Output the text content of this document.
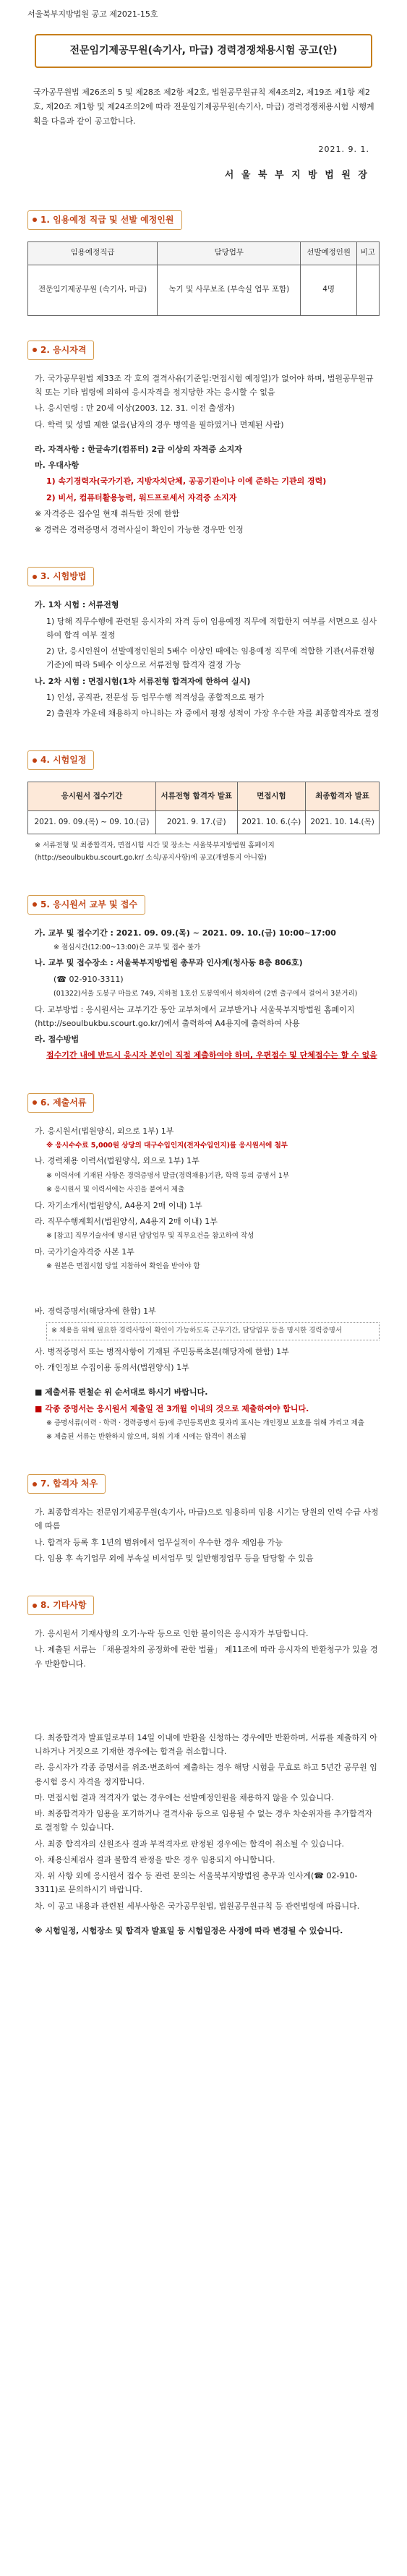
서울북부지방법원 공고 제2021-15호
전문임기제공무원(속기사, 마급) 경력경쟁채용시험 공고(안)
국가공무원법 제26조의 5 및 제28조 제2항 제2호, 법원공무원규칙 제4조의2, 제19조 제1항 제2호, 제20조 제1항 및 제24조의2에 따라 전문임기제공무원(속기사, 마급) 경력경쟁채용시험 시행계획을 다음과 같이 공고합니다.
2021. 9. 1.
서 울 북 부 지 방 법 원 장
1. 임용예정 직급 및 선발 예정인원
임용예정직급	담당업무	선발예정인원	비고
전문임기제공무원 (속기사, 마급)	녹기 및 사무보조 (부속실 업무 포함)	4명	
2. 응시자격

가. 국가공무원법 제33조 각 호의 결격사유(기준일:면접시험 예정일)가 없어야 하며, 법원공무원규칙 또는 기타 법령에 의하여 응시자격을 정지당한 자는 응시할 수 없음

나. 응시연령 : 만 20세 이상(2003. 12. 31. 이전 출생자)

다. 학력 및 성별 제한 없음(남자의 경우 병역을 필하였거나 면제된 사람)

라. 자격사항 : 한글속기(컴퓨터) 2급 이상의 자격증 소지자

마. 우대사항

1) 속기경력자(국가기관, 지방자치단체, 공공기관이나 이에 준하는 기관의 경력)

2) 비서, 컴퓨터활용능력, 워드프로세서 자격증 소지자

※ 자격증은 접수일 현재 취득한 것에 한함

※ 경력은 경력증명서 경력사실이 확인이 가능한 경우만 인정

3. 시험방법

가. 1차 시험 : 서류전형

1) 당해 직무수행에 관련된 응시자의 자격 등이 임용예정 직무에 적합한지 여부를 서면으로 심사하여 합격 여부 결정

2) 단, 응시인원이 선발예정인원의 5배수 이상인 때에는 임용예정 직무에 적합한 기관(서류전형 기준)에 따라 5배수 이상으로 서류전형 합격자 결정 가능

나. 2차 시험 : 면접시험(1차 서류전형 합격자에 한하여 실시)

1) 인성, 공직관, 전문성 등 업무수행 적격성을 종합적으로 평가

2) 출원자 가운데 채용하지 아니하는 자 중에서 평정 성적이 가장 우수한 자를 최종합격자로 결정

4. 시험일정
응시원서 접수기간	서류전형 합격자 발표	면접시험	최종합격자 발표
2021. 09. 09.(목) ~ 09. 10.(금)	2021. 9. 17.(금)	2021. 10. 6.(수)	2021. 10. 14.(목)

※ 서류전형 및 최종합격자, 면접시험 시간 및 장소는 서울북부지방법원 홈페이지(http://seoulbukbu.scourt.go.kr/ 소식/공지사항)에 공고(개별통지 아니함)

5. 응시원서 교부 및 접수

가. 교부 및 접수기간 : 2021. 09. 09.(목) ~ 2021. 09. 10.(금) 10:00~17:00

※ 점심시간(12:00~13:00)은 교부 및 접수 불가

나. 교부 및 접수장소 : 서울북부지방법원 총무과 인사계(청사동 8층 806호)

(☎ 02-910-3311)

(01322)서울 도봉구 마들로 749, 지하철 1호선 도봉역에서 하차하여 (2번 출구에서 걸어서 3분거리)

다. 교부방법 : 응시원서는 교부기간 동안 교부처에서 교부받거나 서울북부지방법원 홈페이지(http://seoulbukbu.scourt.go.kr/)에서 출력하여 A4용지에 출력하여 사용

라. 접수방법

접수기간 내에 반드시 응시자 본인이 직접 제출하여야 하며, 우편접수 및 단체접수는 할 수 없음

6. 제출서류

가. 응시원서(법원양식, 외으로 1부) 1부

※ 응시수수료 5,000원 상당의 대구수입인지(전자수입인지)를 응시원서에 첨부

나. 경력채용 이력서(법원양식, 외으로 1부) 1부

※ 이력서에 기재된 사항은 경력증명서 발급(경력채용)기관, 학력 등의 증명서 1부

※ 응시원서 및 이력서에는 사진을 붙여서 제출

다. 자기소개서(법원양식, A4용지 2매 이내) 1부

라. 직무수행계획서(법원양식, A4용지 2매 이내) 1부

※ [참고] 직무기술서에 명시된 담당업무 및 직무요건을 참고하여 작성

마. 국가기술자격증 사본 1부

※ 원본은 면접시험 당일 지참하여 확인을 받아야 함

바. 경력증명서(해당자에 한함) 1부

※ 채용을 위해 필요한 경력사항이 확인이 가능하도록 근무기간, 담당업무 등을 명시한 경력증명서

사. 병적증명서 또는 병적사항이 기재된 주민등록초본(해당자에 한함) 1부

아. 개인정보 수집이용 동의서(법원양식) 1부

■ 제출서류 편철순 위 순서대로 하시기 바랍니다.

■ 각종 증명서는 응시원서 제출일 전 3개월 이내의 것으로 제출하여야 합니다.

※ 증명서류(이력 · 학력 · 경력증명서 등)에 주민등록번호 뒷자리 표시는 개인정보 보호를 위해 가리고 제출

※ 제출된 서류는 반환하지 않으며, 허위 기재 시에는 합격이 취소됨

7. 합격자 처우

가. 최종합격자는 전문임기제공무원(속기사, 마급)으로 임용하며 임용 시기는 당원의 인력 수급 사정에 따름

나. 합격자 등록 후 1년의 범위에서 업무실적이 우수한 경우 재임용 가능

다. 임용 후 속기업무 외에 부속실 비서업무 및 일반행정업무 등을 담당할 수 있음

8. 기타사항

가. 응시원서 기재사항의 오기·누락 등으로 인한 불이익은 응시자가 부담합니다.

나. 제출된 서류는 「채용절차의 공정화에 관한 법률」 제11조에 따라 응시자의 반환청구가 있을 경우 반환합니다.

다. 최종합격자 발표일로부터 14일 이내에 반환을 신청하는 경우에만 반환하며, 서류를 제출하지 아니하거나 거짓으로 기재한 경우에는 합격을 취소합니다.

라. 응시자가 각종 증명서를 위조·변조하여 제출하는 경우 해당 시험을 무효로 하고 5년간 공무원 임용시험 응시 자격을 정지합니다.

마. 면접시험 결과 적격자가 없는 경우에는 선발예정인원을 채용하지 않을 수 있습니다.

바. 최종합격자가 임용을 포기하거나 결격사유 등으로 임용될 수 없는 경우 차순위자를 추가합격자로 결정할 수 있습니다.

사. 최종 합격자의 신원조사 결과 부적격자로 판정된 경우에는 합격이 취소될 수 있습니다.

아. 채용신체검사 결과 불합격 판정을 받은 경우 임용되지 아니합니다.

자. 위 사항 외에 응시원서 접수 등 관련 문의는 서울북부지방법원 총무과 인사계(☎ 02-910-3311)로 문의하시기 바랍니다.

차. 이 공고 내용과 관련된 세부사항은 국가공무원법, 법원공무원규칙 등 관련법령에 따릅니다.

※ 시험일정, 시험장소 및 합격자 발표일 등 시험일정은 사정에 따라 변경될 수 있습니다.
